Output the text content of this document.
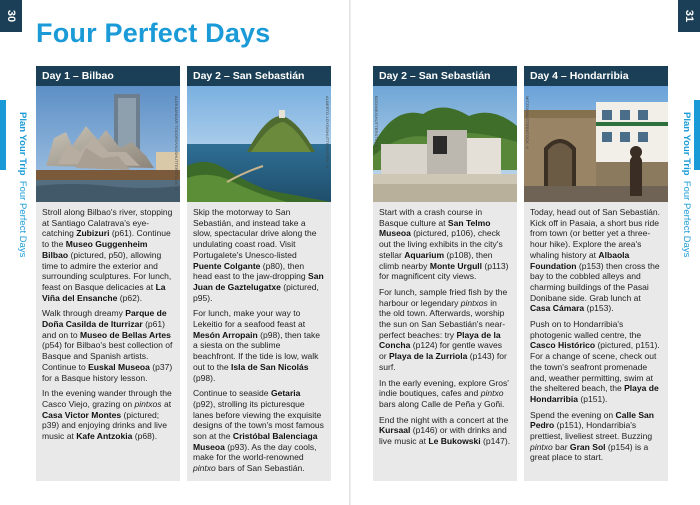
30	31
Plan Your Trip  Four Perfect Days
Plan Your Trip  Four Perfect Days
Four Perfect Days
Day 1 – Bilbao
ALEKSANDAR TODOROVIC/SHUTTERSTOCK ©

Stroll along Bilbao's river, stopping at Santiago Calatrava's eye-catching Zubizuri (p61). Continue to the Museo Guggenheim Bilbao (pictured, p50), allowing time to admire the exterior and surrounding sculptures. For lunch, feast on Basque delicacies at La Viña del Ensanche (p62).

Walk through dreamy Parque de Doña Casilda de Iturrizar (p61) and on to Museo de Bellas Artes (p54) for Bilbao's best collection of Basque and Spanish artists. Continue to Euskal Museoa (p37) for a Basque history lesson.

In the evening wander through the Casco Viejo, grazing on pintxos at Casa Victor Montes (pictured; p39) and enjoying drinks and live music at Kafe Antzokia (p68).

Day 2 – San Sebastián
ALBERTO LOYO/SHUTTERSTOCK ©

Skip the motorway to San Sebastián, and instead take a slow, spectacular drive along the undulating coast road. Visit Portugalete's Unesco-listed Puente Colgante (p80), then head east to the jaw-dropping San Juan de Gaztelugatxe (pictured, p95).

For lunch, make your way to Lekeitio for a seafood feast at Mesón Arropain (p98), then take a siesta on the sublime beachfront. If the tide is low, walk out to the Isla de San Nicolás (p98).

Continue to seaside Getaria (p92), strolling its picturesque lanes before viewing the exquisite designs of the town's most famous son at the Cristóbal Balenciaga Museoa (p93). As the day cools, make for the world-renowned pintxo bars of San Sebastián.

Day 2 – San Sebastián
BOOMIE/SHUTTERSTOCK ©

Start with a crash course in Basque culture at San Telmo Museoa (pictured, p106), check out the living exhibits in the city's stellar Aquarium (p108), then climb nearby Monte Urgull (p113) for magnificent city views.

For lunch, sample fried fish by the harbour or legendary pintxos in the old town. Afterwards, worship the sun on San Sebastián's near-perfect beaches: try Playa de la Concha (p124) for gentle waves or Playa de la Zurriola (p143) for surf.

In the early evening, explore Gros' indie boutiques, cafes and pintxo bars along Calle de Peña y Goñi.

End the night with a concert at the Kursaal (p146) or with drinks and live music at Le Bukowski (p147).

Day 4 – Hondarribia
MITZO/SHUTTERSTOCK ©

Today, head out of San Sebastián. Kick off in Pasaia, a short bus ride from town (or better yet a three-hour hike). Explore the area's whaling history at Albaola Foundation (p153) then cross the bay to the cobbled alleys and charming buildings of the Pasai Donibane side. Grab lunch at Casa Cámara (p153).

Push on to Hondarribia's photogenic walled centre, the Casco Histórico (pictured, p151). For a change of scene, check out the town's seafront promenade and, weather permitting, swim at the sheltered beach, the Playa de Hondarribia (p151).

Spend the evening on Calle San Pedro (p151), Hondarribia's prettiest, liveliest street. Buzzing pintxo bar Gran Sol (p154) is a great place to start.
